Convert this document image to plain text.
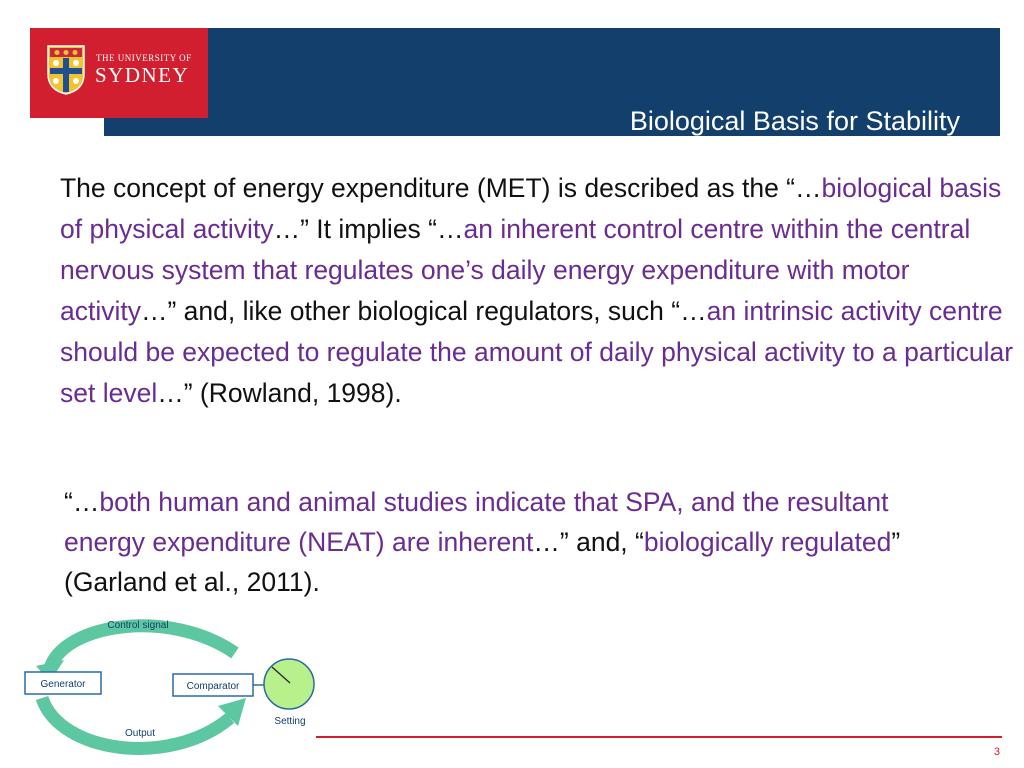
Biological Basis for Stability
THE UNIVERSITY OF
SYDNEY

The concept of energy expenditure (MET) is described as the “…biological basis of physical activity…” It implies “…an inherent control centre within the central nervous system that regulates one’s daily energy expenditure with motor activity…” and, like other biological regulators, such “…an intrinsic activity centre should be expected to regulate the amount of daily physical activity to a particular set level…” (Rowland, 1998).

“…both human and animal studies indicate that SPA, and the resultant energy expenditure (NEAT) are inherent…” and, “biologically regulated” (Garland et al., 2011).

Generator	Comparator
Control signal
Setting
Output
3
